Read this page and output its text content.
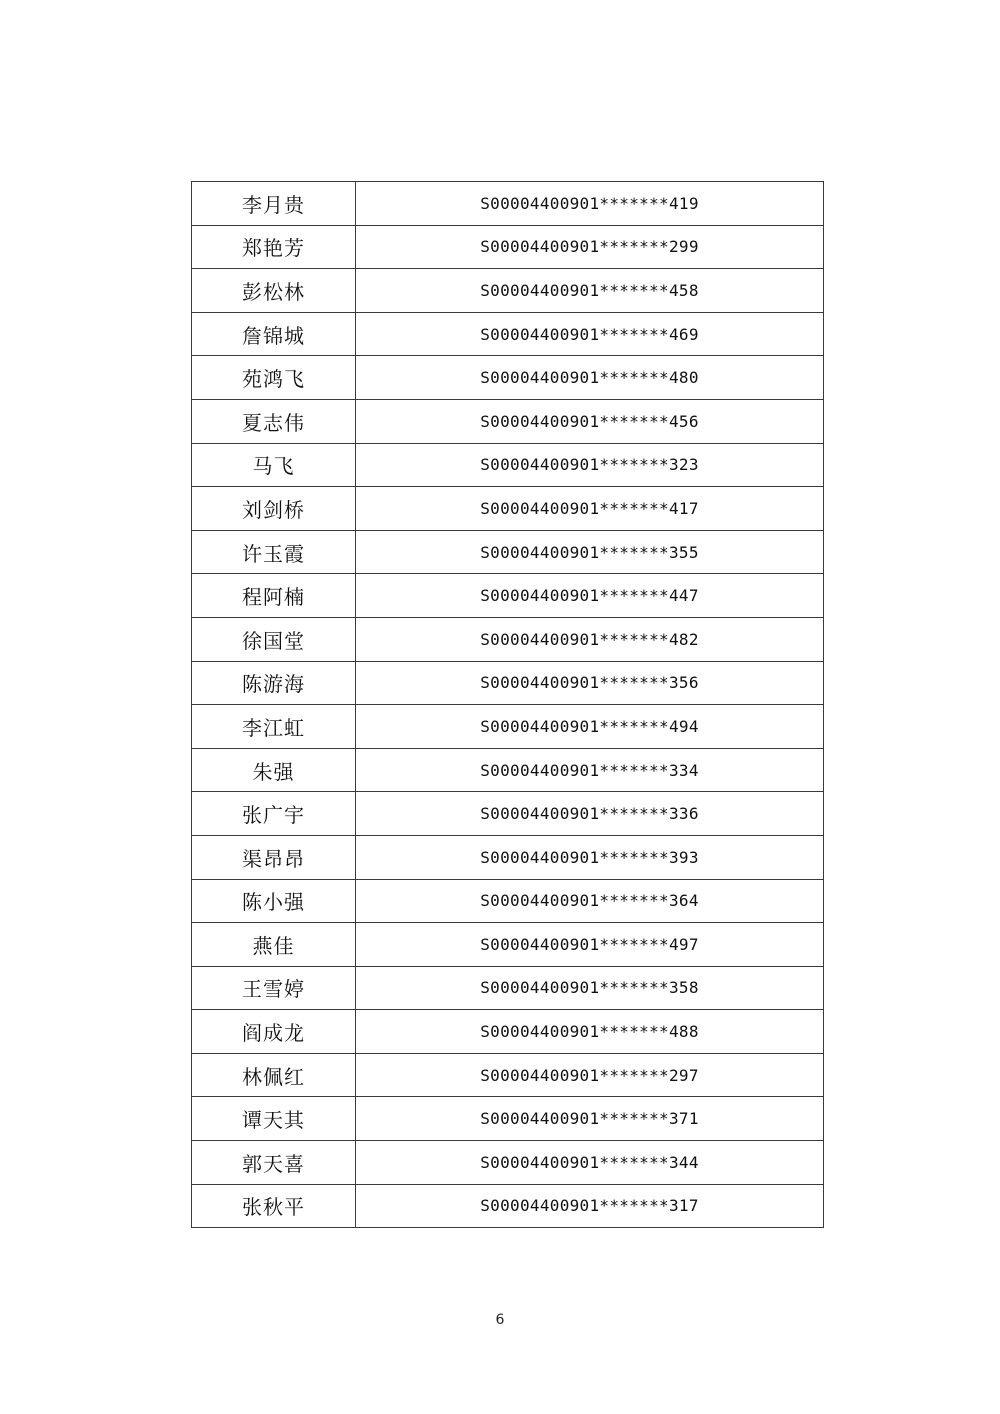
李月贵	S00004400901*******419
郑艳芳	S00004400901*******299
彭松林	S00004400901*******458
詹锦城	S00004400901*******469
苑鸿飞	S00004400901*******480
夏志伟	S00004400901*******456
马飞	S00004400901*******323
刘剑桥	S00004400901*******417
许玉霞	S00004400901*******355
程阿楠	S00004400901*******447
徐国堂	S00004400901*******482
陈游海	S00004400901*******356
李江虹	S00004400901*******494
朱强	S00004400901*******334
张广宇	S00004400901*******336
渠昂昂	S00004400901*******393
陈小强	S00004400901*******364
燕佳	S00004400901*******497
王雪婷	S00004400901*******358
阎成龙	S00004400901*******488
林佩红	S00004400901*******297
谭天其	S00004400901*******371
郭天喜	S00004400901*******344
张秋平	S00004400901*******317
6
